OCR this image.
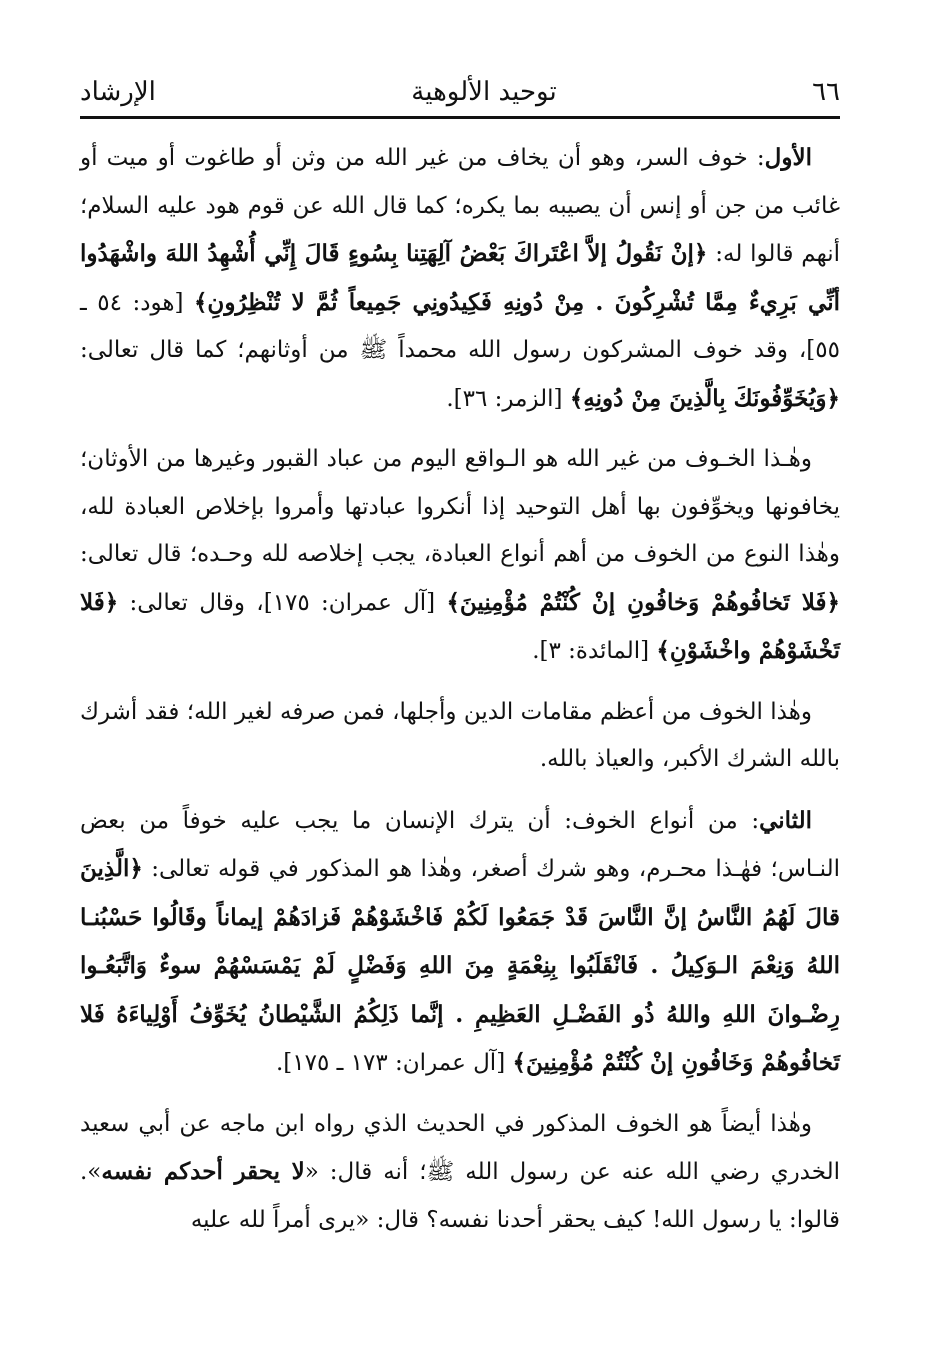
٦٦
توحيد الألوهية
الإرشاد

الأول: خوف السر، وهو أن يخاف من غير الله من وثن أو طاغوت أو ميت أو غائب من جن أو إنس أن يصيبه بما يكره؛ كما قال الله عن قوم هود عليه السلام؛ أنهم قالوا له: ﴿إنْ نَقُولُ إلاَّ اعْتَراكَ بَعْضُ آلِهَتِنا بِسُوءٍ قَالَ إِنِّي أُشْهِدُ اللهَ واشْهَدُوا أنِّي بَرِيءٌ مِمَّا تُشْرِكُونَ . مِنْ دُونِهِ فَكِيدُونِي جَمِيعاً ثُمَّ لا تُنْظِرُونِ﴾ [هود: ٥٤ ـ ٥٥]، وقد خوف المشركون رسول الله محمداً ﷺ من أوثانهم؛ كما قال تعالى: ﴿وَيُخَوِّفُونَكَ بِالَّذِينَ مِنْ دُونِهِ﴾ [الزمر: ٣٦].

وهٰـذا الخـوف من غير الله هو الـواقع اليوم من عباد القبور وغيرها من الأوثان؛ يخافونها ويخوِّفون بها أهل التوحيد إذا أنكروا عبادتها وأمروا بإخلاص العبادة لله، وهٰذا النوع من الخوف من أهم أنواع العبادة، يجب إخلاصه لله وحـده؛ قال تعالى: ﴿فَلا تَخافُوهُمْ وَخافُونِ إنْ كُنْتُمْ مُؤْمِنِينَ﴾ [آل عمران: ١٧٥]، وقال تعالى: ﴿فَلا تَخْشَوْهُمْ واخْشَوْنِ﴾ [المائدة: ٣].

وهٰذا الخوف من أعظم مقامات الدين وأجلها، فمن صرفه لغير الله؛ فقد أشرك بالله الشرك الأكبر، والعياذ بالله.

الثاني: من أنواع الخوف: أن يترك الإنسان ما يجب عليه خوفاً من بعض النـاس؛ فهٰـذا محـرم، وهو شرك أصغر، وهٰذا هو المذكور في قوله تعالى: ﴿الَّذِينَ قالَ لَهُمُ النَّاسُ إنَّ النَّاسَ قَدْ جَمَعُوا لَكُمْ فَاخْشَوْهُمْ فَزادَهُمْ إيماناً وقَالُوا حَسْبُنـا اللهُ وَنِعْمَ الـوَكِيلُ . فَانْقَلَبُوا بِنِعْمَةٍ مِنَ اللهِ وَفَضْلٍ لَمْ يَمْسَسْهُمْ سوءٌ وَاتَّبَعُـوا رِضْـوانَ اللهِ واللهُ ذُو الفَضْـلِ العَظِيمِ . إنَّما ذَلِكُمُ الشَّيْطانُ يُخَوِّفُ أَوْلِياءَهُ فَلا تَخافُوهُمْ وَخَافُونِ إنْ كُنْتُمْ مُؤْمِنِينَ﴾ [آل عمران: ١٧٣ ـ ١٧٥].

وهٰذا أيضاً هو الخوف المذكور في الحديث الذي رواه ابن ماجه عن أبي سعيد الخدري رضي الله عنه عن رسول الله ﷺ؛ أنه قال: «لا يحقر أحدكم نفسه». قالوا: يا رسول الله! كيف يحقر أحدنا نفسه؟ قال: «يرى أمراً لله عليه
